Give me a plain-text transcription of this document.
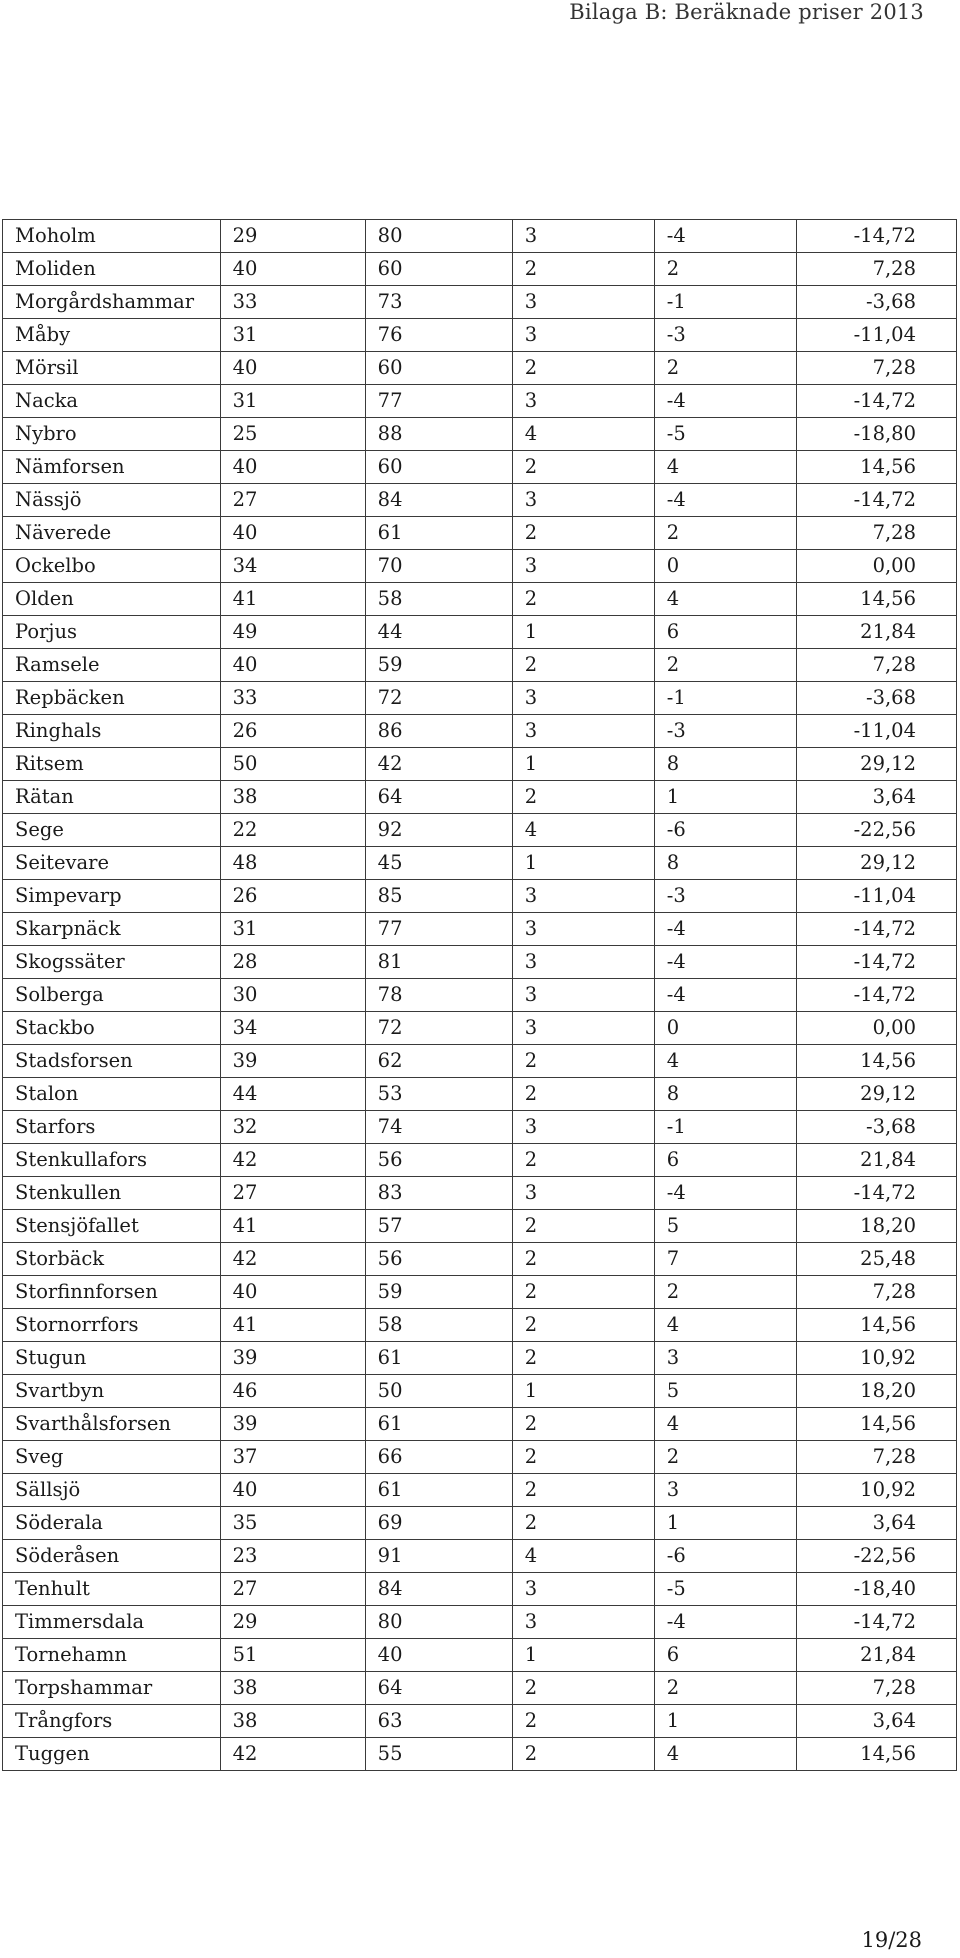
Bilaga B: Beräknade priser 2013
Moholm	29	80	3	-4	-14,72
Moliden	40	60	2	2	7,28
Morgårdshammar	33	73	3	-1	-3,68
Måby	31	76	3	-3	-11,04
Mörsil	40	60	2	2	7,28
Nacka	31	77	3	-4	-14,72
Nybro	25	88	4	-5	-18,80
Nämforsen	40	60	2	4	14,56
Nässjö	27	84	3	-4	-14,72
Näverede	40	61	2	2	7,28
Ockelbo	34	70	3	0	0,00
Olden	41	58	2	4	14,56
Porjus	49	44	1	6	21,84
Ramsele	40	59	2	2	7,28
Repbäcken	33	72	3	-1	-3,68
Ringhals	26	86	3	-3	-11,04
Ritsem	50	42	1	8	29,12
Rätan	38	64	2	1	3,64
Sege	22	92	4	-6	-22,56
Seitevare	48	45	1	8	29,12
Simpevarp	26	85	3	-3	-11,04
Skarpnäck	31	77	3	-4	-14,72
Skogssäter	28	81	3	-4	-14,72
Solberga	30	78	3	-4	-14,72
Stackbo	34	72	3	0	0,00
Stadsforsen	39	62	2	4	14,56
Stalon	44	53	2	8	29,12
Starfors	32	74	3	-1	-3,68
Stenkullafors	42	56	2	6	21,84
Stenkullen	27	83	3	-4	-14,72
Stensjöfallet	41	57	2	5	18,20
Storbäck	42	56	2	7	25,48
Storfinnforsen	40	59	2	2	7,28
Stornorrfors	41	58	2	4	14,56
Stugun	39	61	2	3	10,92
Svartbyn	46	50	1	5	18,20
Svarthålsforsen	39	61	2	4	14,56
Sveg	37	66	2	2	7,28
Sällsjö	40	61	2	3	10,92
Söderala	35	69	2	1	3,64
Söderåsen	23	91	4	-6	-22,56
Tenhult	27	84	3	-5	-18,40
Timmersdala	29	80	3	-4	-14,72
Tornehamn	51	40	1	6	21,84
Torpshammar	38	64	2	2	7,28
Trångfors	38	63	2	1	3,64
Tuggen	42	55	2	4	14,56
19/28
